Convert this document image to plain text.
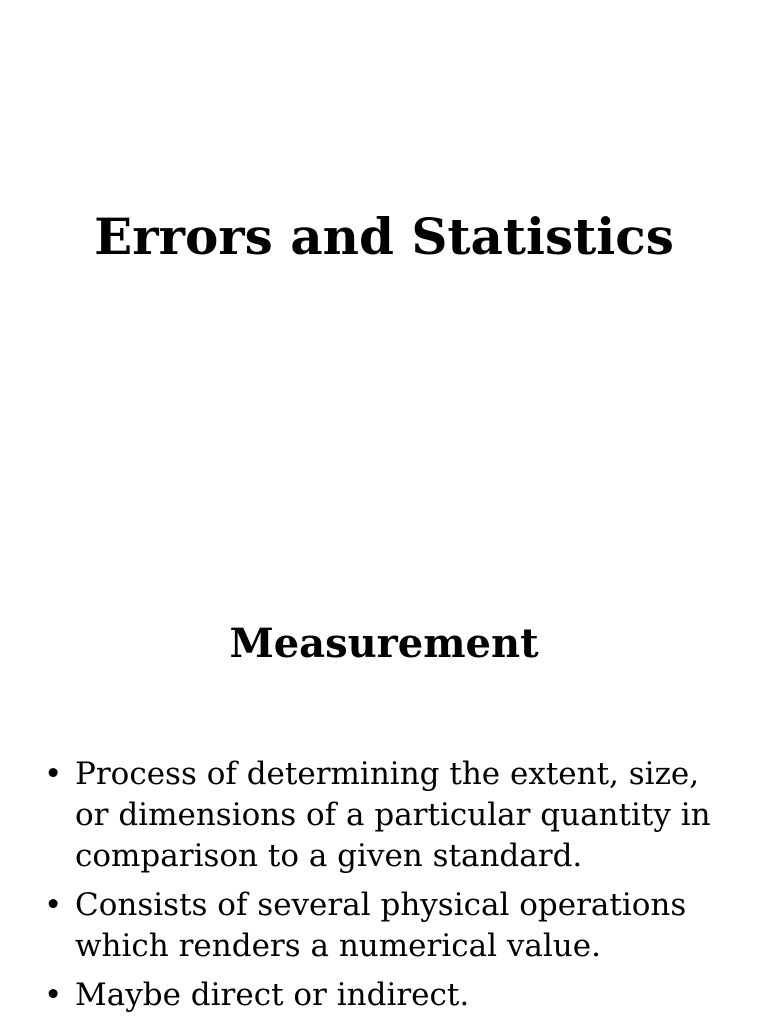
Errors and Statistics
Measurement
• Process of determining the extent, size, or dimensions of a particular quantity in comparison to a given standard.
• Consists of several physical operations which renders a numerical value.
• Maybe direct or indirect.
